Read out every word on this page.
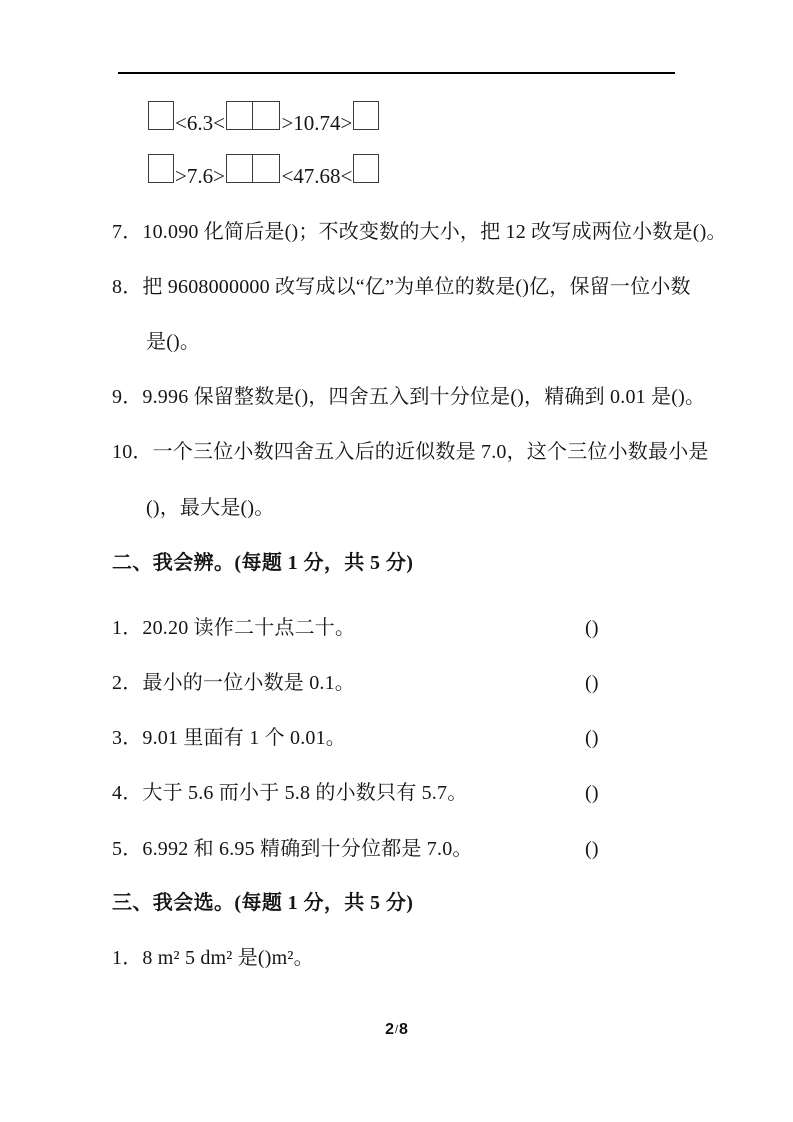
<6.3<	>10.74>
>7.6>	<47.68<
7．10.090 化简后是()；不改变数的大小，把 12 改写成两位小数是()。
8．把 9608000000 改写成以“亿”为单位的数是()亿，保留一位小数
是()。
9．9.996 保留整数是()，四舍五入到十分位是()，精确到 0.01 是()。
10．一个三位小数四舍五入后的近似数是 7.0，这个三位小数最小是
()，最大是()。
二、我会辨。(每题 1 分，共 5 分)
1．20.20 读作二十点二十。	()
2．最小的一位小数是 0.1。	()
3．9.01 里面有 1 个 0.01。	()
4．大于 5.6 而小于 5.8 的小数只有 5.7。	()
5．6.992 和 6.95 精确到十分位都是 7.0。	()
三、我会选。(每题 1 分，共 5 分)
1．8 m² 5 dm² 是()m²。
2/8
